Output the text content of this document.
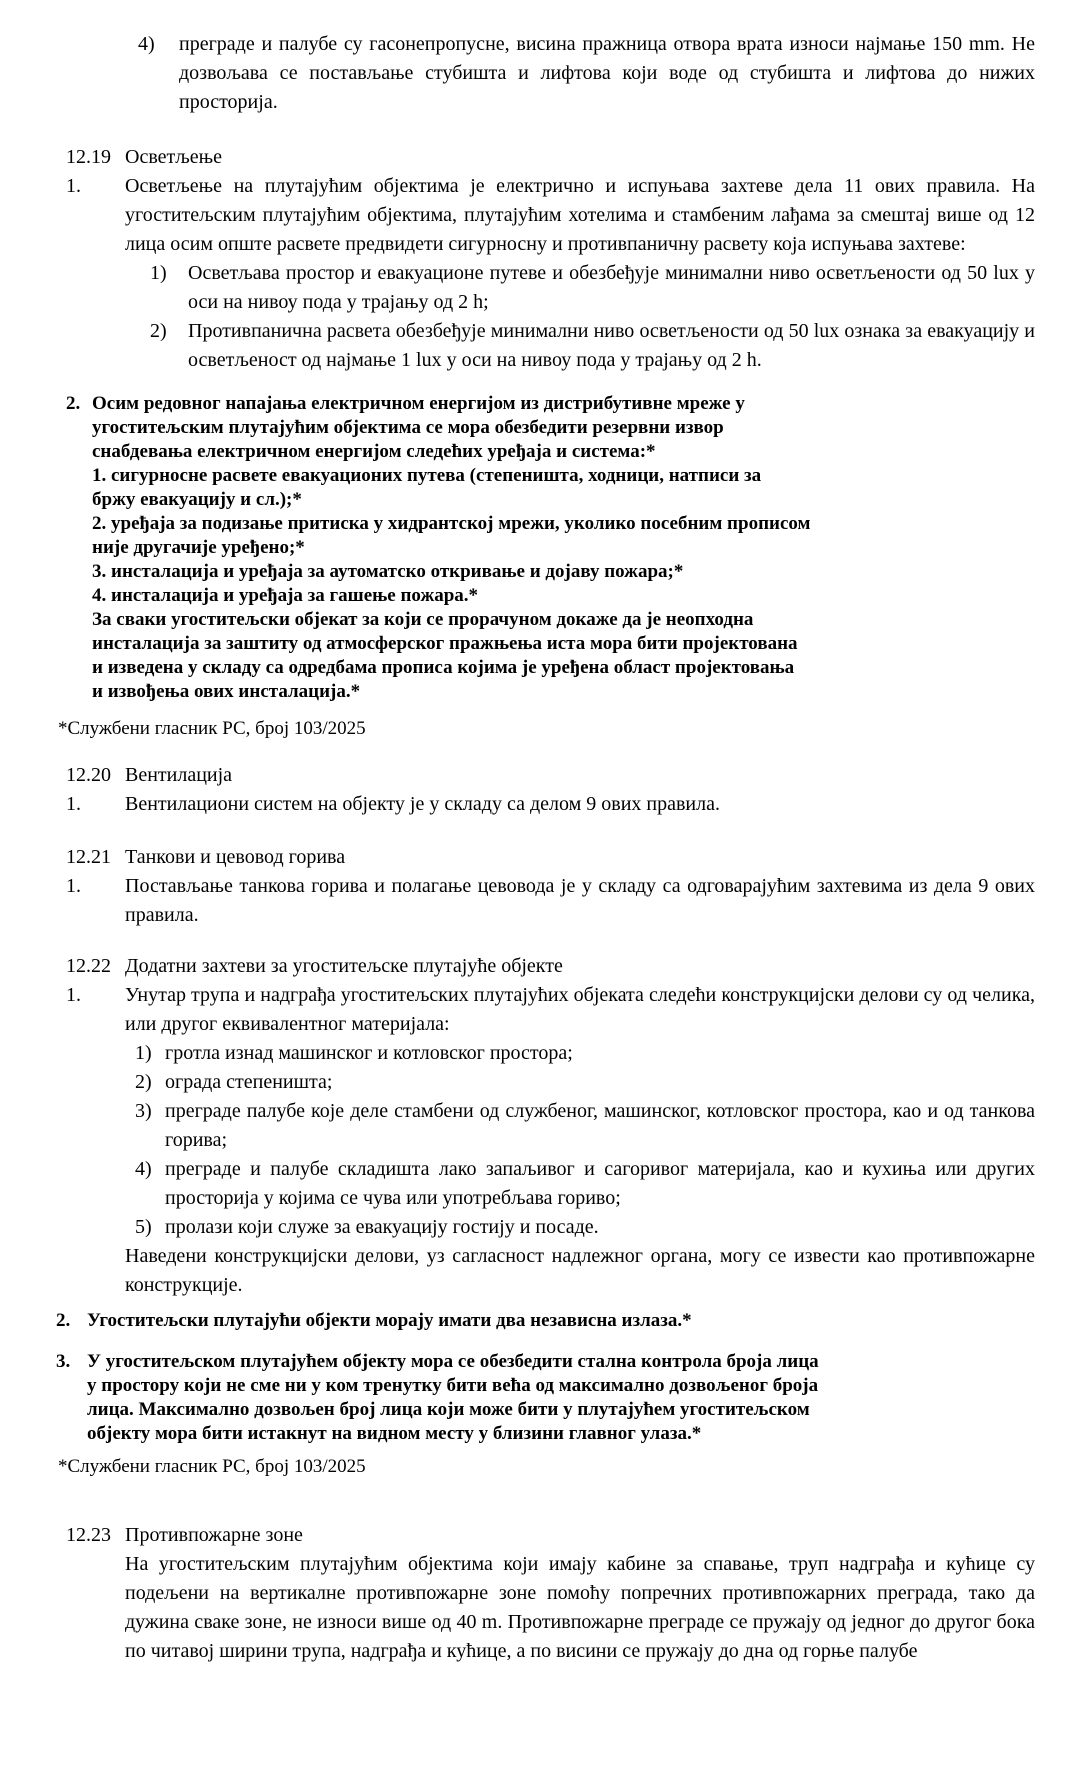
4) преграде и палубе су гасонепропусне, висина пражница отвора врата износи најмање 150 mm. Не дозвољава се постављање стубишта и лифтова који воде од стубишта и лифтова до нижих просторија.
12.19 Осветљење
1. Осветљење на плутајућим објектима је електрично и испуњава захтеве дела 11 ових правила. На угоститељским плутајућим објектима, плутајућим хотелима и стамбеним лађама за смештај више од 12 лица осим опште расвете предвидети сигурносну и противпаничну расвету која испуњава захтеве:
1) Осветљава простор и евакуационе путеве и обезбеђује минимални ниво осветљености од 50 lux у оси на нивоу пода у трајању од 2 h;
2) Противпанична расвета обезбеђује минимални ниво осветљености од 50 lux ознака за евакуацију и осветљеност од најмање 1 lux у оси на нивоу пода у трајању од 2 h.
2. Осим редовног напајања електричном енергијом из дистрибутивне мреже у
угоститељским плутајућим објектима се мора обезбедити резервни извор
снабдевања електричном енергијом следећих уређаја и система:*
1. сигурносне расвете евакуационих путева (степеништа, ходници, натписи за
бржу евакуацију и сл.);*
2. уређаја за подизање притиска у хидрантској мрежи, уколико посебним прописом
није другачије уређено;*
3. инсталација и уређаја за аутоматско откривање и дојаву пожара;*
4. инсталација и уређаја за гашење пожара.*
За сваки угоститељски објекат за који се прорачуном докаже да је неопходна
инсталација за заштиту од атмосферског пражњења иста мора бити пројектована
и изведена у складу са одредбама прописа којима је уређена област пројектовања
и извођења ових инсталација.*
*Службени гласник РС, број 103/2025
12.20 Вентилација
1. Вентилациони систем на објекту је у складу са делом 9 ових правила.
12.21 Танкови и цевовод горива
1. Постављање танкова горива и полагање цевовода је у складу са одговарајућим захтевима из дела 9 ових правила.
12.22 Додатни захтеви за угоститељске плутајуће објекте
1. Унутар трупа и надграђа угоститељских плутајућих објеката следећи конструкцијски делови су од челика, или другог еквивалентног материјала:
1) гротла изнад машинског и котловског простора;
2) ограда степеништа;
3) преграде палубе које деле стамбени од службеног, машинског, котловског простора, као и од танкова горива;
4) преграде и палубе складишта лако запаљивог и сагоривог материјала, као и кухиња или других просторија у којима се чува или употребљава гориво;
5) пролази који служе за евакуацију гостију и посаде.
Наведени конструкцијски делови, уз сагласност надлежног органа, могу се извести као противпожарне конструкције.
2. Угоститељски плутајући објекти морају имати два независна излаза.*
3. У угоститељском плутајућем објекту мора се обезбедити стална контрола броја лица
у простору који не сме ни у ком тренутку бити већа од максимално дозвољеног броја
лица. Максимално дозвољен број лица који може бити у плутајућем угоститељском
објекту мора бити истакнут на видном месту у близини главног улаза.*
*Службени гласник РС, број 103/2025
12.23 Противпожарне зоне
На угоститељским плутајућим објектима који имају кабине за спавање, труп надграђа и кућице су подељени на вертикалне противпожарне зоне помоћу попречних противпожарних преграда, тако да дужина сваке зоне, не износи више од 40 m. Противпожарне преграде се пружају од једног до другог бока по читавој ширини трупа, надграђа и кућице, а по висини се пружају до дна од горње палубе
